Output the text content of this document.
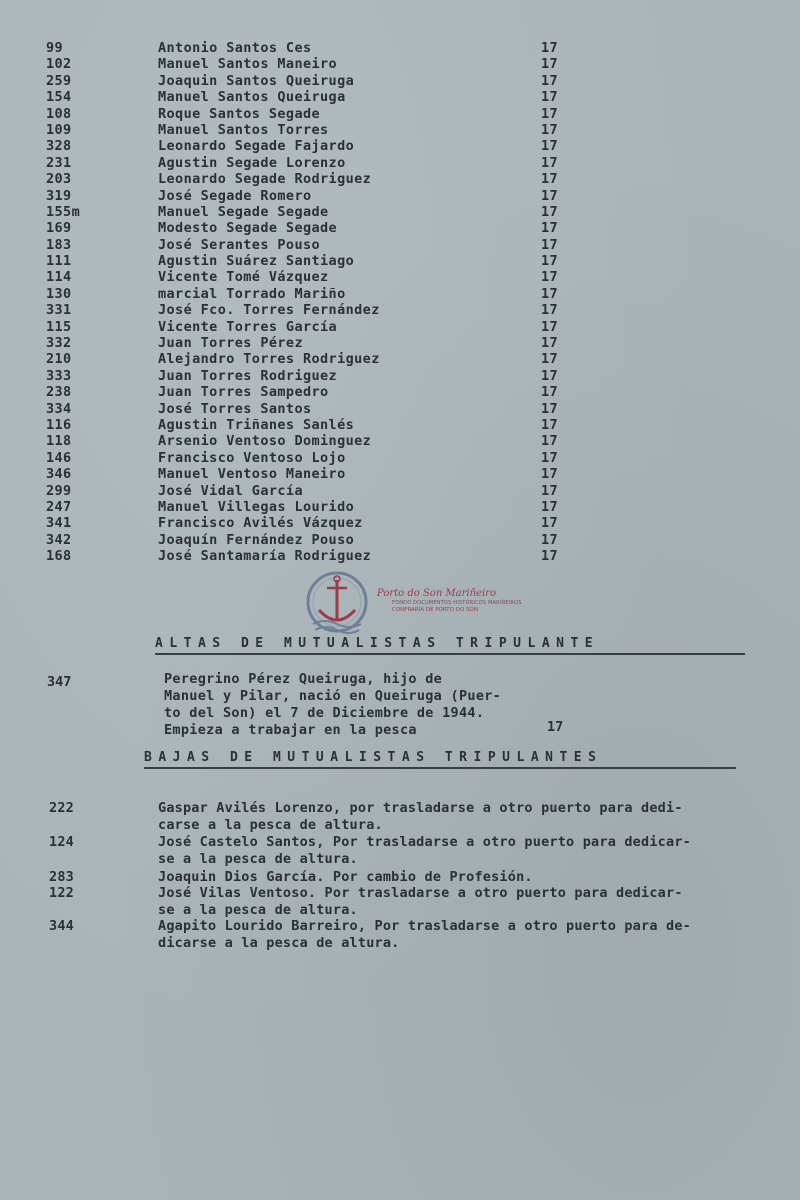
99	Antonio Santos Ces	17
102	Manuel Santos Maneiro	17
259	Joaquin Santos Queiruga	17
154	Manuel Santos Queiruga	17
108	Roque Santos Segade	17
109	Manuel Santos Torres	17
328	Leonardo Segade Fajardo	17
231	Agustin Segade Lorenzo	17
203	Leonardo Segade Rodriguez	17
319	José Segade Romero	17
155m	Manuel Segade Segade	17
169	Modesto Segade Segade	17
183	José Serantes Pouso	17
111	Agustin Suárez Santiago	17
114	Vicente Tomé Vázquez	17
130	marcial Torrado Mariño	17
331	José Fco. Torres Fernández	17
115	Vicente Torres García	17
332	Juan Torres Pérez	17
210	Alejandro Torres Rodriguez	17
333	Juan Torres Rodriguez	17
238	Juan Torres Sampedro	17
334	José Torres Santos	17
116	Agustin Triñanes Sanlés	17
118	Arsenio Ventoso Dominguez	17
146	Francisco Ventoso Lojo	17
346	Manuel Ventoso Maneiro	17
299	José Vidal García	17
247	Manuel Villegas Lourido	17
341	Francisco Avilés Vázquez	17
342	Joaquín Fernández Pouso	17
168	José Santamaría Rodriguez	17
Porto do Son Mariñeiro
FONDO DOCUMENTOS HISTÓRICOS MARIÑEIROS
CONFRARÍA DE PORTO DO SON
ALTAS DE MUTUALISTAS TRIPULANTE
347	Peregrino Pérez Queiruga, hijo de
Manuel y Pilar, nació en Queiruga (Puer-
to del Son) el 7 de Diciembre de 1944.
Empieza a trabajar en la pesca	17
BAJAS DE MUTUALISTAS TRIPULANTES
222	Gaspar Avilés Lorenzo, por trasladarse a otro puerto para dedi-
carse a la pesca de altura.
124	José Castelo Santos, Por trasladarse a otro puerto para dedicar-
se a la pesca de altura.
283	Joaquin Dios García. Por cambio de Profesión.
122	José Vilas Ventoso. Por trasladarse a otro puerto para dedicar-
se a la pesca de altura.
344	Agapito Lourido Barreiro, Por trasladarse a otro puerto para de-
dicarse a la pesca de altura.
